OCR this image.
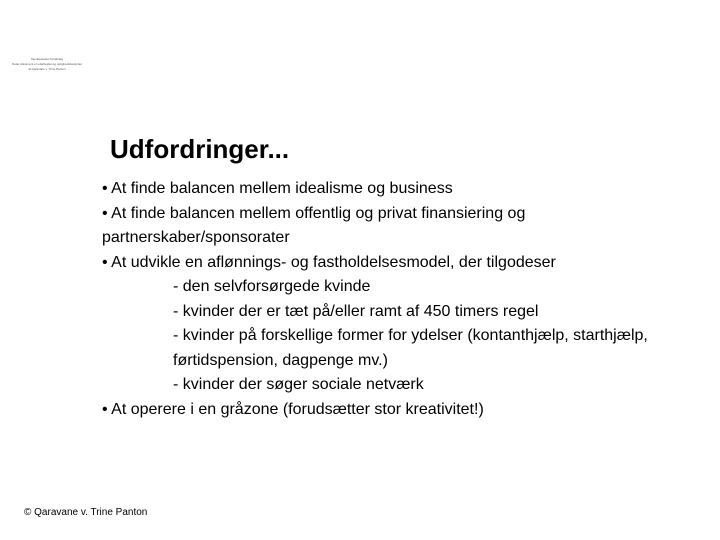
Taenkestedet Kvindefag
Dette dokument er udarbejdet og rettighedsbeskyttet
af Qaravane v. Trine Panton
Udfordringer...
• At finde balancen mellem idealisme og business
• At finde balancen mellem offentlig og privat finansiering og
partnerskaber/sponsorater
• At udvikle en aflønnings- og fastholdelsesmodel, der tilgodeser
- den selvforsørgede kvinde
- kvinder der er tæt på/eller ramt af 450 timers regel
- kvinder på forskellige former for ydelser (kontanthjælp, starthjælp,
førtidspension, dagpenge mv.)
- kvinder der søger sociale netværk
• At operere i en gråzone (forudsætter stor kreativitet!)
© Qaravane v. Trine Panton
